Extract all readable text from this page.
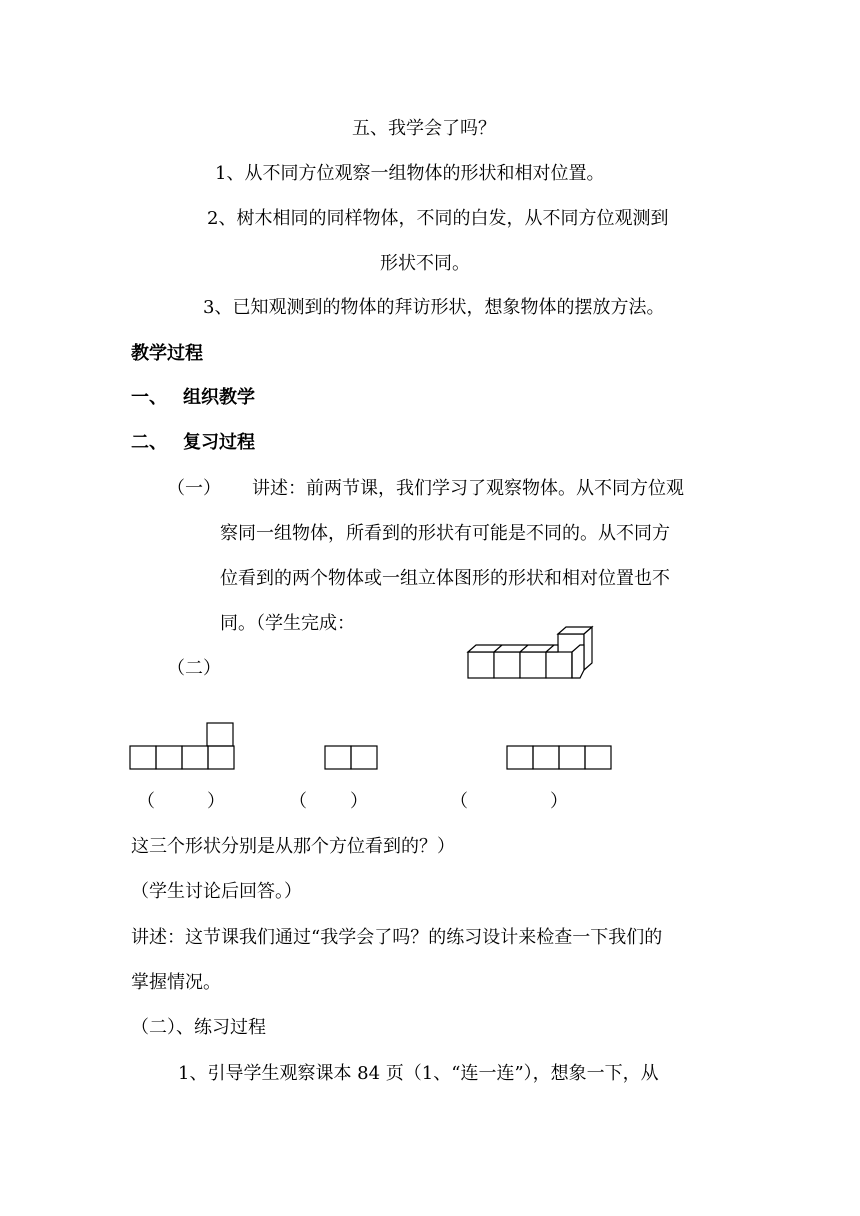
五、我学会了吗？
1、从不同方位观察一组物体的形状和相对位置。
2、树木相同的同样物体，不同的白发，从不同方位观测到
形状不同。
3、已知观测到的物体的拜访形状，想象物体的摆放方法。
教学过程
一、 组织教学
二、 复习过程
（一） 讲述：前两节课，我们学习了观察物体。从不同方位观
察同一组物体，所看到的形状有可能是不同的。从不同方
位看到的两个物体或一组立体图形的形状和相对位置也不
同。（学生完成：
（二）
（	）	（ ）	（	）
这三个形状分别是从那个方位看到的？）
（学生讨论后回答。）
讲述：这节课我们通过“我学会了吗？的练习设计来检查一下我们的
掌握情况。
（二）、练习过程
1、引导学生观察课本 84 页（1、“连一连”），想象一下，从
